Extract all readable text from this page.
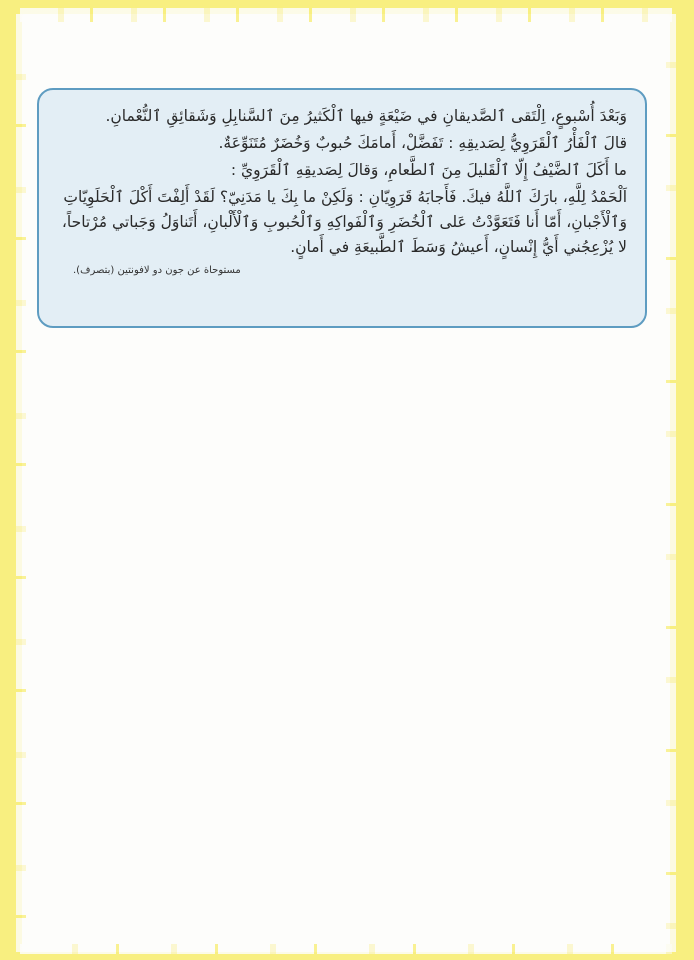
وَبَعْدَ أُسْبوعٍ، اِلْتَقى ٱلصَّديقانِ في ضَيْعَةٍ فيها ٱلْكَثيرُ مِنَ ٱلسَّنابِلِ وَشَقائِقِ ٱلنُّعْمانِ.

قالَ ٱلْفَأْرُ ٱلْقَرَوِيُّ لِصَديقِهِ : تَفَضَّلْ، أَمامَكَ حُبوبٌ وَخُضَرٌ مُتَنَوِّعَةٌ.

ما أَكَلَ ٱلضَّيْفُ إِلّا ٱلْقَليلَ مِنَ ٱلطَّعامِ، وَقالَ لِصَديقِهِ ٱلْقَرَوِيِّ :

اَلْحَمْدُ لِلَّهِ، بارَكَ ٱللَّهُ فيكَ. فَأَجابَهُ قَرَوِيّانِ : وَلَكِنْ ما بِكَ يا مَدَنِيّ؟ لَقَدْ أَلِفْتَ أَكْلَ ٱلْحَلَوِيّاتِ وَٱلْأَجْبانِ، أَمّا أَنا فَتَعَوَّدْتُ عَلى ٱلْخُضَرِ وَٱلْفَواكِهِ وَٱلْحُبوبِ وَٱلْأَلْبانِ، أَتَناوَلُ وَجَباتي مُرْتاحاً، لا يُزْعِجُني أَيُّ إِنْسانٍ، أَعيشُ وَسَطَ ٱلطَّبيعَةِ في أَمانٍ.

مستوحاة عن جون دو لافونتين (بتصرف).
